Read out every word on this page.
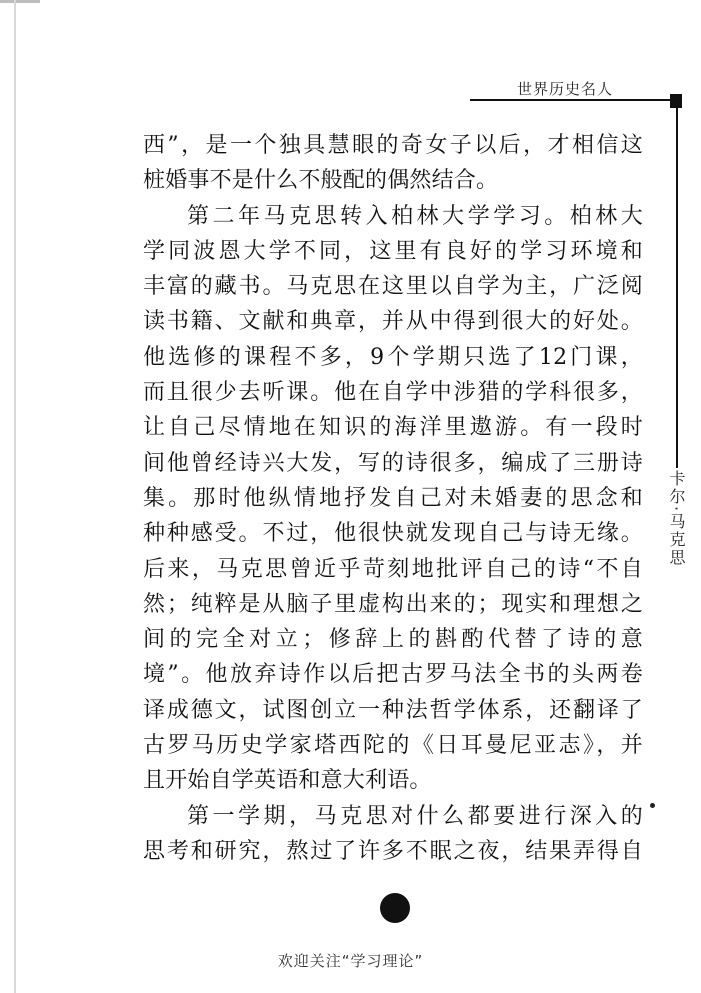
世界历史名人
卡尔·马克思
西”，是一个独具慧眼的奇女子以后，才相信这
桩婚事不是什么不般配的偶然结合。
第二年马克思转入柏林大学学习。柏林大
学同波恩大学不同，这里有良好的学习环境和
丰富的藏书。马克思在这里以自学为主，广泛阅
读书籍、文献和典章，并从中得到很大的好处。
他选修的课程不多，9个学期只选了12门课，
而且很少去听课。他在自学中涉猎的学科很多，
让自己尽情地在知识的海洋里遨游。有一段时
间他曾经诗兴大发，写的诗很多，编成了三册诗
集。那时他纵情地抒发自己对未婚妻的思念和
种种感受。不过，他很快就发现自己与诗无缘。
后来，马克思曾近乎苛刻地批评自己的诗“不自
然；纯粹是从脑子里虚构出来的；现实和理想之
间的完全对立；修辞上的斟酌代替了诗的意
境”。他放弃诗作以后把古罗马法全书的头两卷
译成德文，试图创立一种法哲学体系，还翻译了
古罗马历史学家塔西陀的《日耳曼尼亚志》，并
且开始自学英语和意大利语。
第一学期，马克思对什么都要进行深入的
思考和研究，熬过了许多不眠之夜，结果弄得自
欢迎关注“学习理论”
